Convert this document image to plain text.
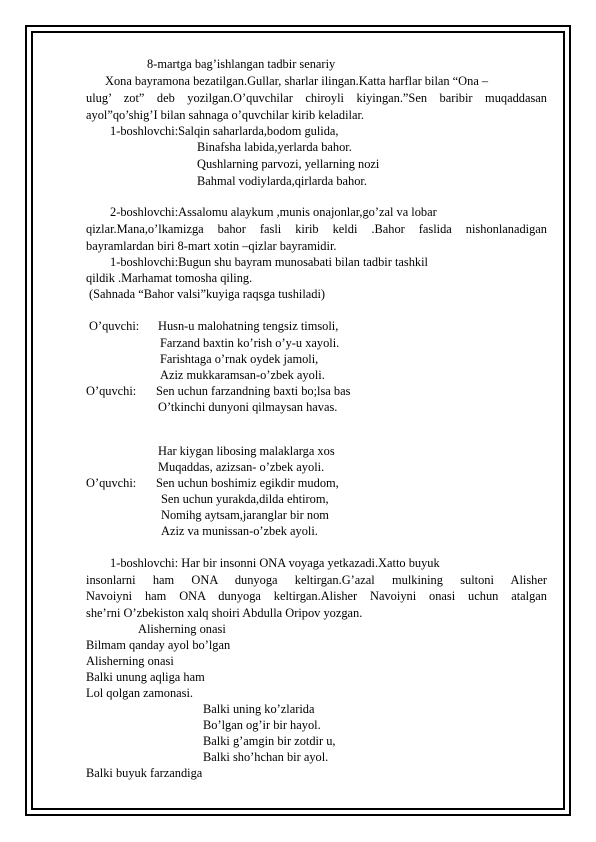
8-martga bag’ishlangan tadbir senariy
Xona bayramona bezatilgan.Gullar, sharlar ilingan.Katta harflar bilan “Ona –
ulug’ zot” deb yozilgan.O’quvchilar chiroyli kiyingan.”Sen baribir muqaddasan
ayol”qo’shig’I bilan sahnaga o’quvchilar kirib keladilar.
1-boshlovchi:Salqin saharlarda,bodom gulida,
Binafsha labida,yerlarda bahor.
Qushlarning parvozi, yellarning nozi
Bahmal vodiylarda,qirlarda bahor.
2-boshlovchi:Assalomu alaykum ,munis onajonlar,go’zal va lobar
qizlar.Mana,o’lkamizga bahor fasli kirib keldi .Bahor faslida nishonlanadigan
bayramlardan biri 8-mart xotin –qizlar bayramidir.
1-boshlovchi:Bugun shu bayram munosabati bilan tadbir tashkil
qildik .Marhamat tomosha qiling.
(Sahnada “Bahor valsi”kuyiga raqsga tushiladi)
O’quvchi: Husn-u malohatning tengsiz timsoli,
Farzand baxtin ko’rish o’y-u xayoli.
Farishtaga o’rnak oydek jamoli,
Aziz mukkaramsan-o’zbek ayoli.
O’quvchi: Sen uchun farzandning baxti bo;lsa bas
O’tkinchi dunyoni qilmaysan havas.
Har kiygan libosing malaklarga xos
Muqaddas, azizsan- o’zbek ayoli.
O’quvchi: Sen uchun boshimiz egikdir mudom,
Sen uchun yurakda,dilda ehtirom,
Nomihg aytsam,jaranglar bir nom
Aziz va munissan-o’zbek ayoli.
1-boshlovchi: Har bir insonni ONA voyaga yetkazadi.Xatto buyuk
insonlarni ham ONA dunyoga keltirgan.G’azal mulkining sultoni Alisher
Navoiyni ham ONA dunyoga keltirgan.Alisher Navoiyni onasi uchun atalgan
she’rni O’zbekiston xalq shoiri Abdulla Oripov yozgan.
Alisherning onasi
Bilmam qanday ayol bo’lgan
Alisherning onasi
Balki unung aqliga ham
Lol qolgan zamonasi.
Balki uning ko’zlarida
Bo’lgan og’ir bir hayol.
Balki g’amgin bir zotdir u,
Balki sho’hchan bir ayol.
Balki buyuk farzandiga
